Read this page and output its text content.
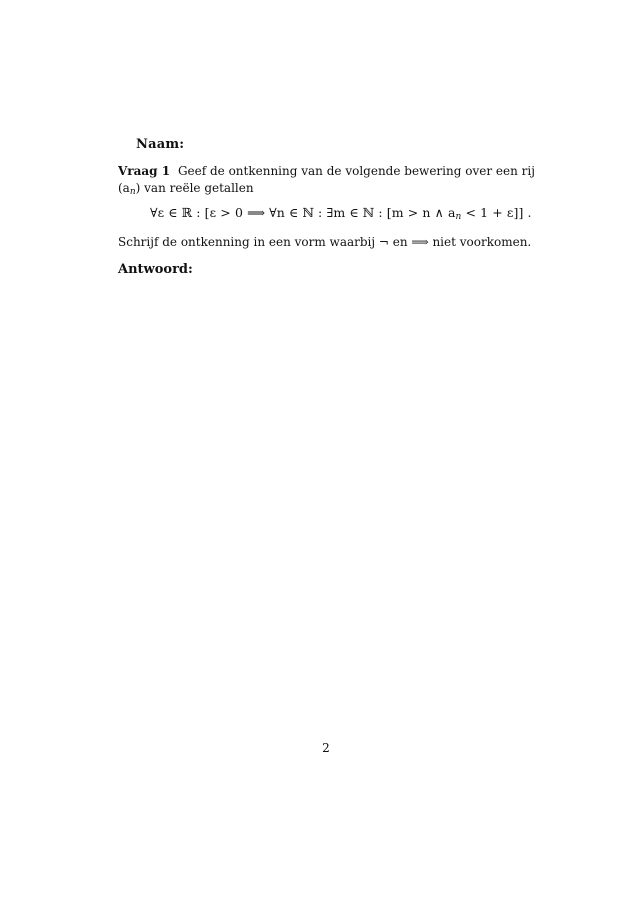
Naam:
Vraag 1 Geef de ontkenning van de volgende bewering over een rij $(a_n)$ van reële getallen
∀ε ∈ ℝ : [ε > 0 ⟹ ∀n ∈ ℕ : ∃m ∈ ℕ : [m > n ∧ $a_n < 1 + \varepsilon$]] .
Schrijf de ontkenning in een vorm waarbij ¬ en ⟹ niet voorkomen.
Antwoord:
2
